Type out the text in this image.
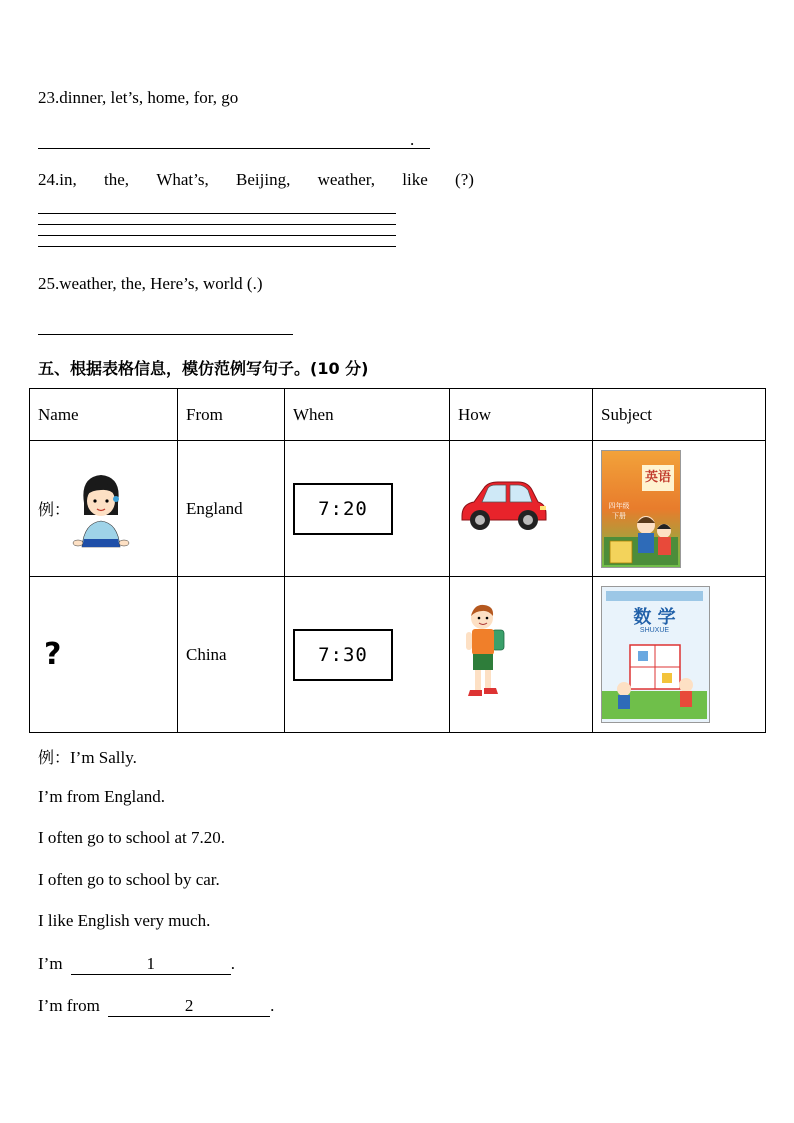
23.dinner, let’s, home, for, go
.
24.in, the, What’s, Beijing, weather, like (?)
25.weather, the, Here’s, world (.)
五、根据表格信息，模仿范例写句子。(10 分)
Name	From	When	How	Subject

例：	England	7:20		英语
四年级
下册

?	China	7:30		数 学
SHUXUE
例：I’m Sally.
I’m from England.
I often go to school at 7.20.
I often go to school by car.
I like English very much.
I’m	1	.
I’m from	2	.
